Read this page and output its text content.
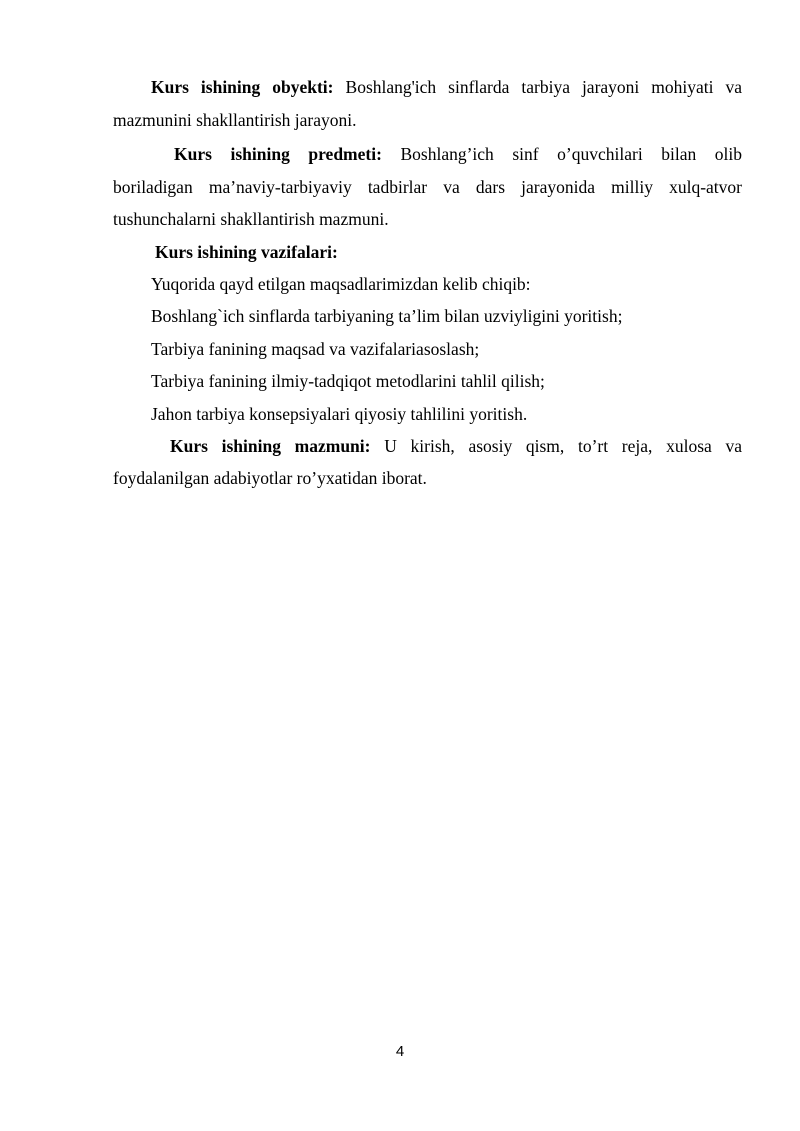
Kurs ishining obyekti: Boshlang'ich sinflarda tarbiya jarayoni mohiyati va
mazmunini shakllantirish jarayoni.
Kurs ishining predmeti: Boshlang’ich sinf o’quvchilari bilan olib
boriladigan ma’naviy-tarbiyaviy tadbirlar va dars jarayonida milliy xulq-atvor
tushunchalarni shakllantirish mazmuni.
Kurs ishining vazifalari:
Yuqorida qayd etilgan maqsadlarimizdan kelib chiqib:
Boshlang`ich sinflarda tarbiyaning ta’lim bilan uzviyligini yoritish;
Tarbiya fanining maqsad va vazifalariasoslash;
Tarbiya fanining ilmiy-tadqiqot metodlarini tahlil qilish;
Jahon tarbiya konsepsiyalari qiyosiy tahlilini yoritish.
Kurs ishining mazmuni: U kirish, asosiy qism, to’rt reja, xulosa va
foydalanilgan adabiyotlar ro’yxatidan iborat.
4
